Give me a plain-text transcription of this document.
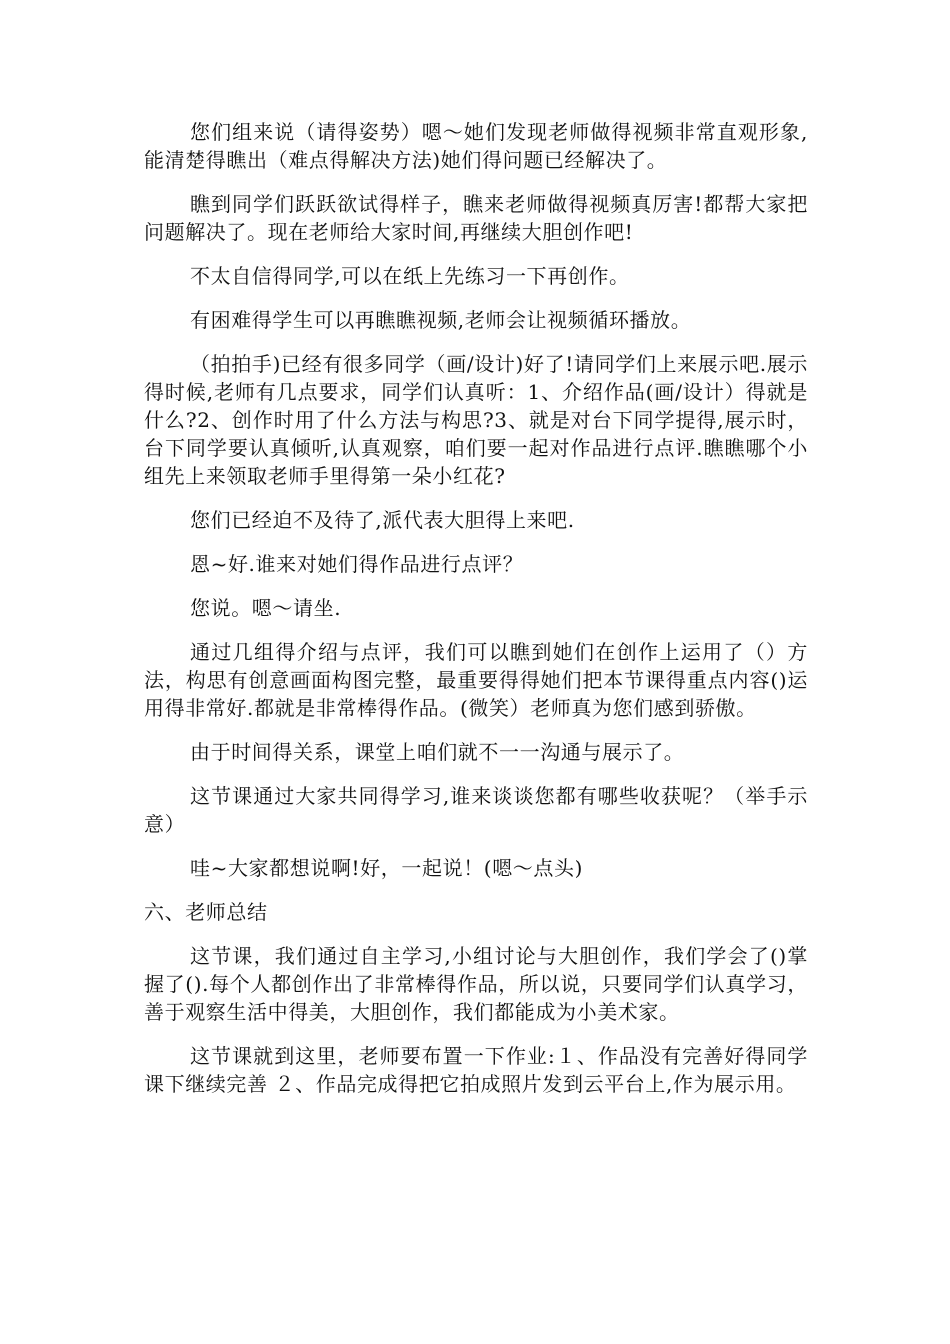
您们组来说（请得姿势）嗯～她们发现老师做得视频非常直观形象,能清楚得瞧出（难点得解决方法)她们得问题已经解决了。

瞧到同学们跃跃欲试得样子，瞧来老师做得视频真厉害!都帮大家把问题解决了。现在老师给大家时间,再继续大胆创作吧!

不太自信得同学,可以在纸上先练习一下再创作。

有困难得学生可以再瞧瞧视频,老师会让视频循环播放。

（拍拍手)已经有很多同学（画/设计)好了!请同学们上来展示吧.展示得时候,老师有几点要求，同学们认真听：1、介绍作品(画/设计）得就是什么?2、创作时用了什么方法与构思?3、就是对台下同学提得,展示时，台下同学要认真倾听,认真观察，咱们要一起对作品进行点评.瞧瞧哪个小组先上来领取老师手里得第一朵小红花?

您们已经迫不及待了,派代表大胆得上来吧.

恩~好.谁来对她们得作品进行点评？

您说。嗯～请坐.

通过几组得介绍与点评，我们可以瞧到她们在创作上运用了（）方法，构思有创意画面构图完整，最重要得得她们把本节课得重点内容()运用得非常好.都就是非常棒得作品。(微笑）老师真为您们感到骄傲。

由于时间得关系，课堂上咱们就不一一沟通与展示了。

这节课通过大家共同得学习,谁来谈谈您都有哪些收获呢？（举手示意）

哇~大家都想说啊!好，一起说！(嗯～点头)

六、老师总结

这节课，我们通过自主学习,小组讨论与大胆创作，我们学会了()掌握了().每个人都创作出了非常棒得作品，所以说，只要同学们认真学习，善于观察生活中得美，大胆创作，我们都能成为小美术家。

这节课就到这里，老师要布置一下作业:１、作品没有完善好得同学课下继续完善 ２、作品完成得把它拍成照片发到云平台上,作为展示用。
